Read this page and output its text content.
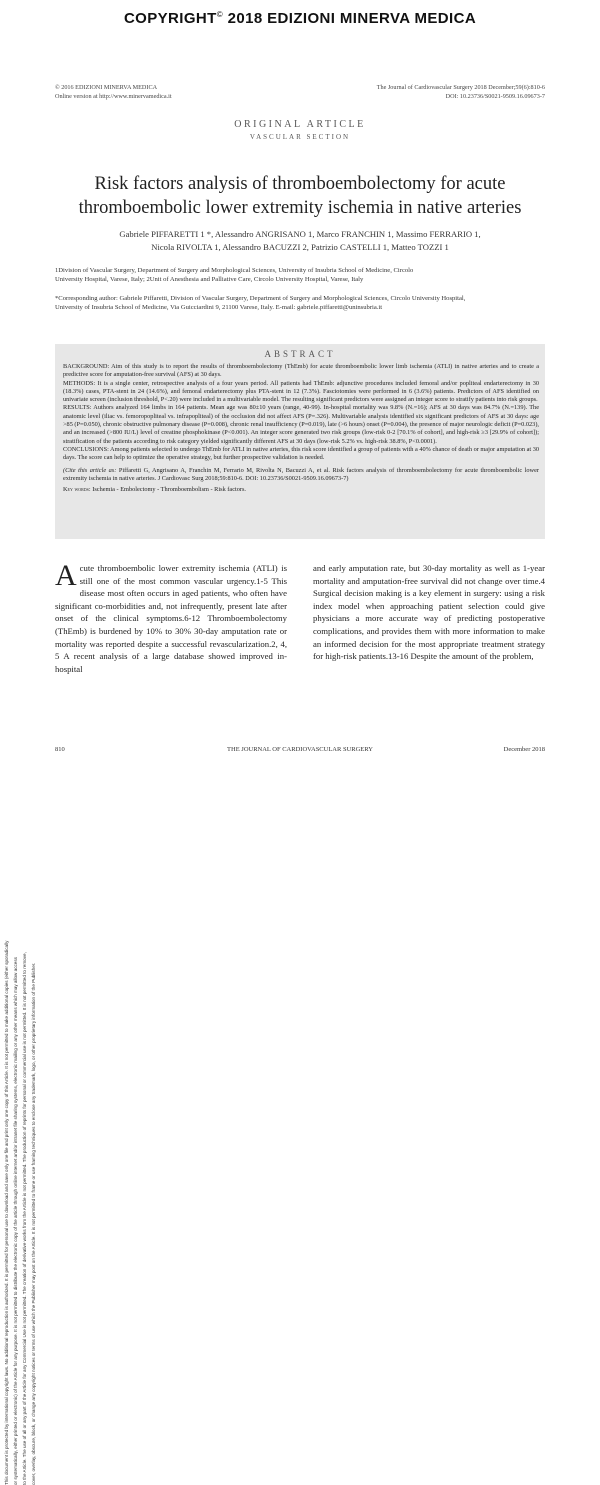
COPYRIGHT© 2018 EDIZIONI MINERVA MEDICA
This document is protected by international copyright laws. No additional reproduction is authorized. It is permitted for personal use to download and save only one file and print only one copy of this Article. It is not permitted to make additional copies (either sporadically or systematically, either printed or electronic) of the Article for any purpose. It is not permitted to distribute the electronic copy of the article through online internet and/or intranet file sharing systems, electronic mailing or any other means which may allow access to the Article. The use of all or any part of the Article for any Commercial Use is not permitted. The creation of derivative works from the Article is not permitted. The production of reprints for personal or commercial use is not permitted. It is not permitted to remove, cover, overlay, obscure, block, or change any copyright notices or terms of use which the Publisher may post on the Article. It is not permitted to frame or use framing techniques to enclose any trademark, logo, or other proprietary information of the Publisher.
© 2016 EDIZIONI MINERVA MEDICA
Online version at http://www.minervamedica.it
The Journal of Cardiovascular Surgery 2018 December;59(6):810-6
DOI: 10.23736/S0021-9509.16.09673-7
ORIGINAL ARTICLE
VASCULAR SECTION
Risk factors analysis of thromboembolectomy for acute
thromboembolic lower extremity ischemia in native arteries
Gabriele PIFFARETTI 1 *, Alessandro ANGRISANO 1, Marco FRANCHIN 1, Massimo FERRARIO 1,
Nicola RIVOLTA 1, Alessandro BACUZZI 2, Patrizio CASTELLI 1, Matteo TOZZI 1
1Division of Vascular Surgery, Department of Surgery and Morphological Sciences, University of Insubria School of Medicine, Circolo
University Hospital, Varese, Italy; 2Unit of Anesthesia and Palliative Care, Circolo University Hospital, Varese, Italy
*Corresponding author: Gabriele Piffaretti, Division of Vascular Surgery, Department of Surgery and Morphological Sciences, Circolo University Hospital,
University of Insubria School of Medicine, Via Guicciardini 9, 21100 Varese, Italy. E-mail: gabriele.piffaretti@uninsubria.it
ABSTRACT

BACKGROUND: Aim of this study is to report the results of thromboembolectomy (ThEmb) for acute thromboembolic lower limb ischemia (ATLI) in native arteries and to create a predictive score for amputation-free survival (AFS) at 30 days.

METHODS: It is a single center, retrospective analysis of a four years period. All patients had ThEmb: adjunctive procedures included femoral and/or popliteal endarterectomy in 30 (18.3%) cases, PTA-stent in 24 (14.6%), and femoral endarterectomy plus PTA-stent in 12 (7.3%). Fasciotomies were performed in 6 (3.6%) patients. Predictors of AFS identified on univariate screen (inclusion threshold, P<.20) were included in a multivariable model. The resulting significant predictors were assigned an integer score to stratify patients into risk groups.

RESULTS: Authors analyzed 164 limbs in 164 patients. Mean age was 80±10 years (range, 40-99). In-hospital mortality was 9.8% (N.=16); AFS at 30 days was 84.7% (N.=139). The anatomic level (iliac vs. femoropopliteal vs. infrapopliteal) of the occlusion did not affect AFS (P=.326). Multivariable analysis identified six significant predictors of AFS at 30 days: age >85 (P=0.050), chronic obstructive pulmonary disease (P=0.008), chronic renal insufficiency (P=0.019), late (>6 hours) onset (P=0.004), the presence of major neurologic deficit (P=0.023), and an increased (>800 IU/L) level of creatine phosphokinase (P<0.001). An integer score generated two risk groups (low-risk 0-2 [70.1% of cohort], and high-risk ≥3 [29.9% of cohort]); stratification of the patients according to risk category yielded significantly different AFS at 30 days (low-risk 5.2% vs. high-risk 38.8%, P<0.0001).

CONCLUSIONS: Among patients selected to undergo ThEmb for ATLI in native arteries, this risk score identified a group of patients with a 40% chance of death or major amputation at 30 days. The score can help to optimize the operative strategy, but further prospective validation is needed.

(Cite this article as: Piffaretti G, Angrisano A, Franchin M, Ferrario M, Rivolta N, Bacuzzi A, et al. Risk factors analysis of thromboembolectomy for acute thromboembolic lower extremity ischemia in native arteries. J Cardiovasc Surg 2018;59:810-6. DOI: 10.23736/S0021-9509.16.09673-7)

Key words: Ischemia - Embolectomy - Thromboembolism - Risk factors.

Acute thromboembolic lower extremity ischemia (ATLI) is still one of the most common vascular urgency.1-5 This disease most often occurs in aged patients, who often have significant co-morbidities and, not infrequently, present late after onset of the clinical symptoms.6-12 Thromboembolectomy (ThEmb) is burdened by 10% to 30% 30-day amputation rate or mortality was reported despite a successful revascularization.2, 4, 5 A recent analysis of a large database showed improved in-hospital
and early amputation rate, but 30-day mortality as well as 1-year mortality and amputation-free survival did not change over time.4 Surgical decision making is a key element in surgery: using a risk index model when approaching patient selection could give physicians a more accurate way of predicting postoperative complications, and provides them with more information to make an informed decision for the most appropriate treatment strategy for high-risk patients.13-16 Despite the amount of the problem,
810	THE JOURNAL OF CARDIOVASCULAR SURGERY	December 2018
